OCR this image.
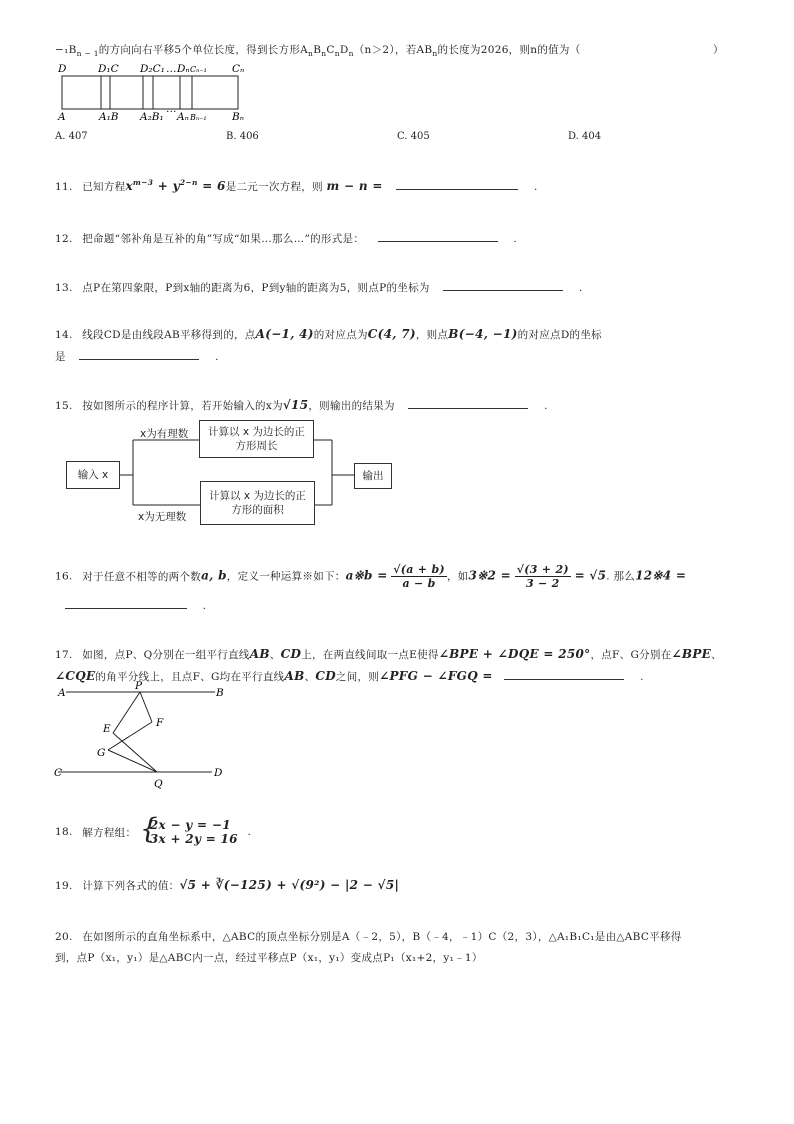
$-_1B_{n - 1}$的方向向右平移5个单位长度，得到长方形$A_nB_nC_nD_n(n>2)$，若$AB_n$的长度为2026，则n的值为（	）
D	D₁C D₂C₁ … Dₙ Cₙ₋₁ Cₙ
A	A₁B A₂B₁
…
Aₙ Bₙ₋₁ Bₙ
A. 407	B. 406	C. 405	D. 404
11. 已知方程$x^{m-3} + y^{2-n} = 6$是二元一次方程，则 m − n =	.
12. 把命题“邻补角是互补的角”写成“如果…那么…”的形式是：	.
13. 点P在第四象限，P到x轴的距离为6，P到y轴的距离为5，则点P的坐标为	.
14. 线段CD是由线段AB平移得到的，点A(−1, 4)的对应点为C(4, 7)，则点B(−4, −1)的对应点D的坐标
是	.
15. 按如图所示的程序计算，若开始输入的x为√15，则输出的结果为	.
输入 x
x为有理数
x为无理数
计算以 x 为边长的正方形周长
计算以 x 为边长的正方形的面积
输出
16. 对于任意不相等的两个数a, b，定义一种运算※如下：a※b = $\frac{√(a + b)}{a - b}$ ，如3※2 = $\frac{√(3 + 2)}{3 - 2} = √5$. 那么12※4 =
.
17. 如图，点P、Q分别在一组平行直线AB、CD上，在两直线间取一点E使得∠BPE + ∠DQE = 250°，点F、G分别在∠BPE、
∠CQE的角平分线上，且点F、G均在平行直线AB、CD之间，则∠PFG − ∠FGQ =	.
A
P
B
E	F
G
C
Q
D
18. 解方程组： {
2x − y = −1
3x + 2y = 16 .
19. 计算下列各式的值：√5 + ∛(−125) + √(9²) − |2 − √5|
20. 在如图所示的直角坐标系中，△ABC的顶点坐标分别是A（﹣2，5），B（﹣4，﹣1）C（2，3），△A₁B₁C₁是由△ABC平移得
到，点P（x₁，y₁）是△ABC内一点，经过平移点P（x₁，y₁）变成点P₁（x₁+2，y₁﹣1）
